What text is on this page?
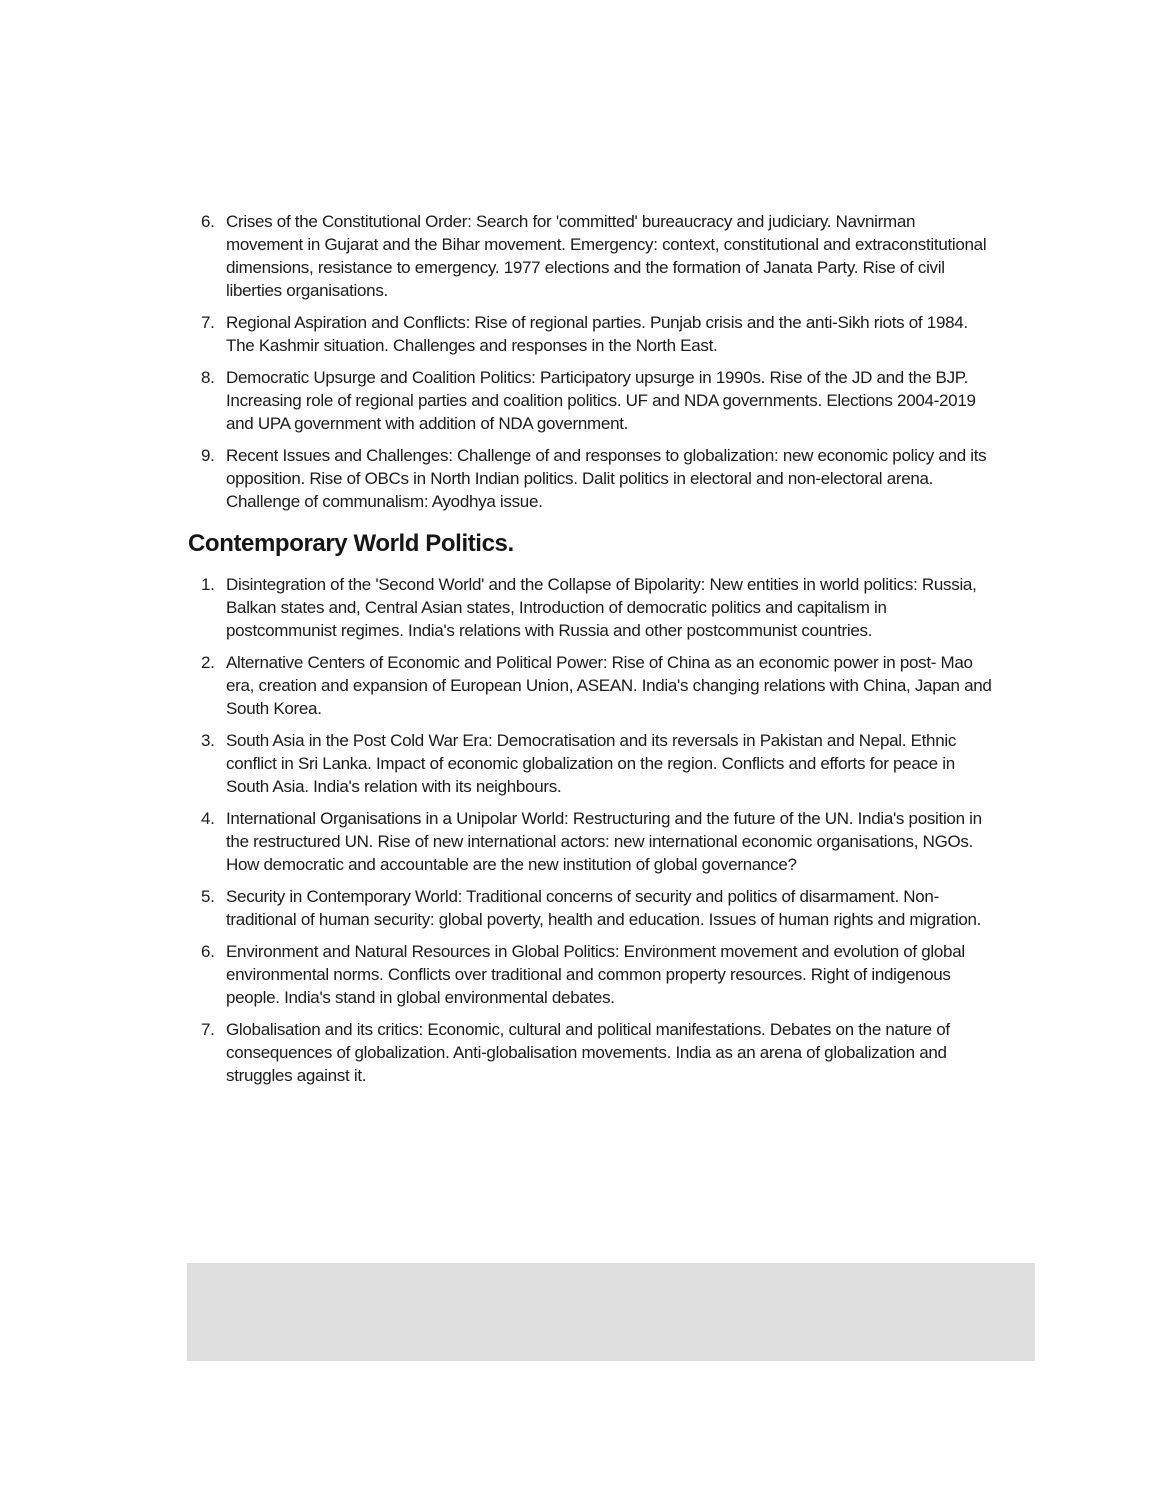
6. Crises of the Constitutional Order: Search for 'committed' bureaucracy and judiciary. Navnirman movement in Gujarat and the Bihar movement. Emergency: context, constitutional and extraconstitutional dimensions, resistance to emergency. 1977 elections and the formation of Janata Party. Rise of civil liberties organisations.
7. Regional Aspiration and Conflicts: Rise of regional parties. Punjab crisis and the anti-Sikh riots of 1984. The Kashmir situation. Challenges and responses in the North East.
8. Democratic Upsurge and Coalition Politics: Participatory upsurge in 1990s. Rise of the JD and the BJP. Increasing role of regional parties and coalition politics. UF and NDA governments. Elections 2004-2019 and UPA government with addition of NDA government.
9. Recent Issues and Challenges: Challenge of and responses to globalization: new economic policy and its opposition. Rise of OBCs in North Indian politics. Dalit politics in electoral and non-electoral arena. Challenge of communalism: Ayodhya issue.
Contemporary World Politics.
1. Disintegration of the 'Second World' and the Collapse of Bipolarity: New entities in world politics: Russia, Balkan states and, Central Asian states, Introduction of democratic politics and capitalism in postcommunist regimes. India's relations with Russia and other postcommunist countries.
2. Alternative Centers of Economic and Political Power: Rise of China as an economic power in post- Mao era, creation and expansion of European Union, ASEAN. India's changing relations with China, Japan and South Korea.
3. South Asia in the Post Cold War Era: Democratisation and its reversals in Pakistan and Nepal. Ethnic conflict in Sri Lanka. Impact of economic globalization on the region. Conflicts and efforts for peace in South Asia. India's relation with its neighbours.
4. International Organisations in a Unipolar World: Restructuring and the future of the UN. India's position in the restructured UN. Rise of new international actors: new international economic organisations, NGOs. How democratic and accountable are the new institution of global governance?
5. Security in Contemporary World: Traditional concerns of security and politics of disarmament. Non-traditional of human security: global poverty, health and education. Issues of human rights and migration.
6. Environment and Natural Resources in Global Politics: Environment movement and evolution of global environmental norms. Conflicts over traditional and common property resources. Right of indigenous people. India's stand in global environmental debates.
7. Globalisation and its critics: Economic, cultural and political manifestations. Debates on the nature of consequences of globalization. Anti-globalisation movements. India as an arena of globalization and struggles against it.
